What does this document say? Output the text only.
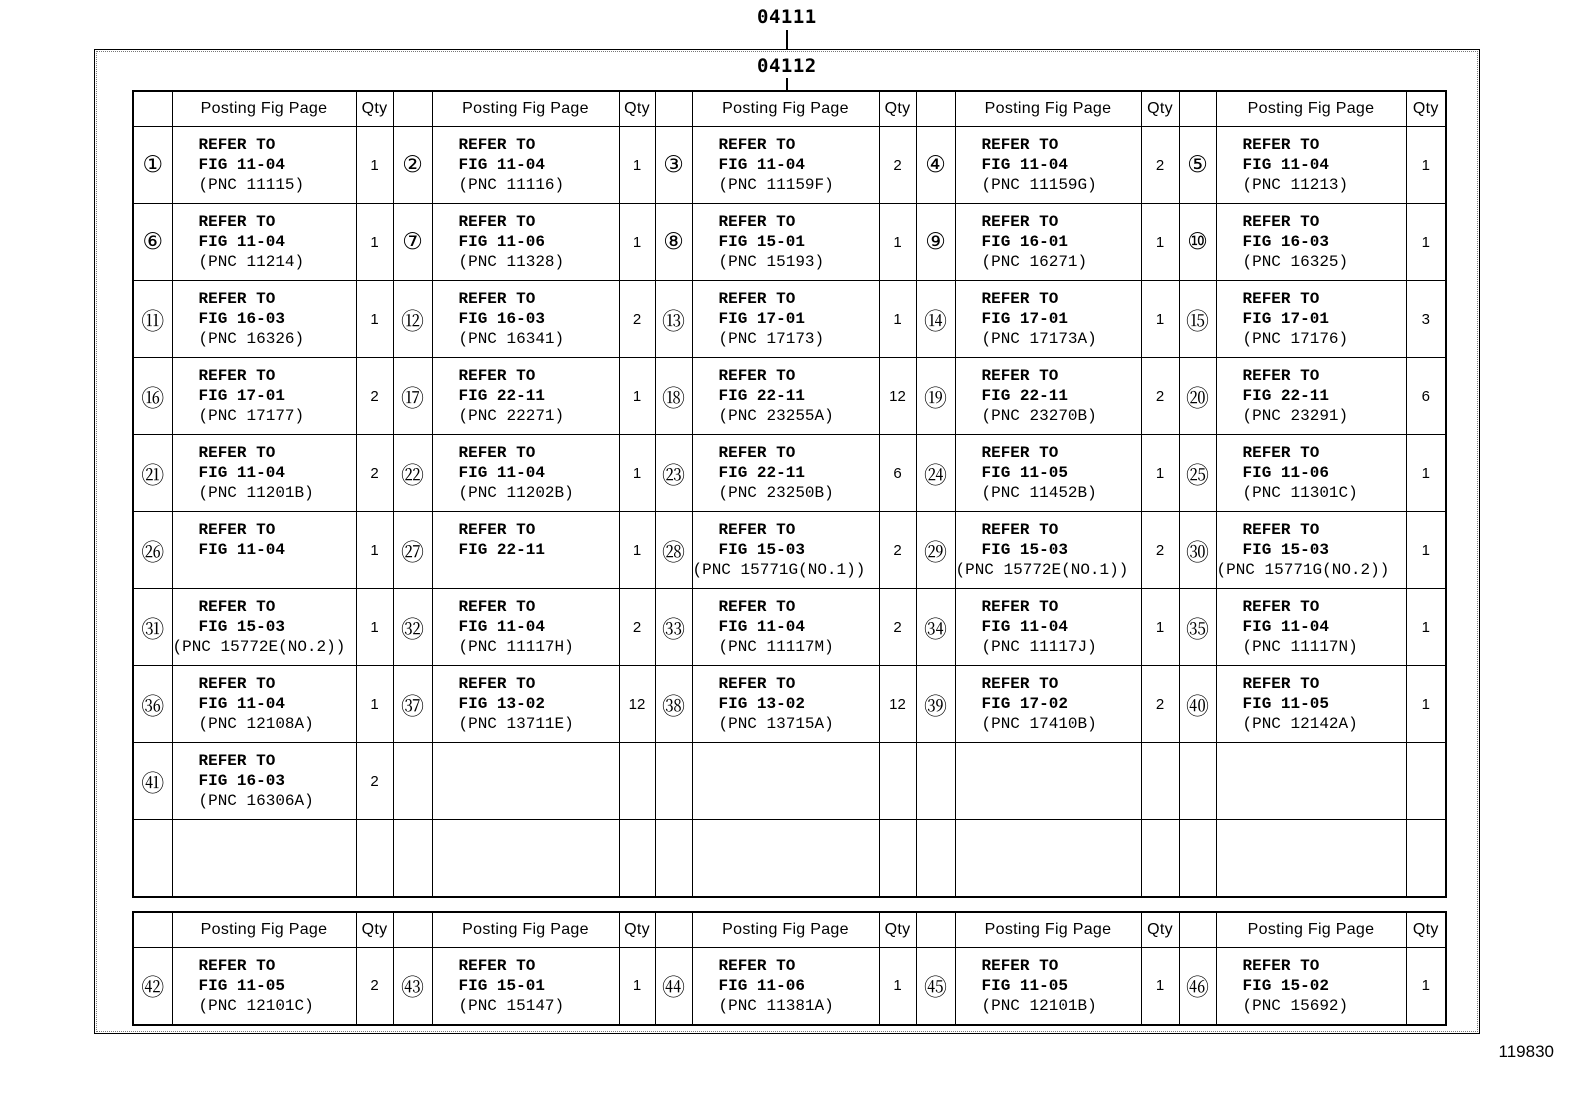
04111
04112
	Posting Fig Page	Qty		Posting Fig Page	Qty		Posting Fig Page	Qty		Posting Fig Page	Qty		Posting Fig Page	Qty
①	REFER TO
FIG 11-04
(PNC 11115)	1	②	REFER TO
FIG 11-04
(PNC 11116)	1	③	REFER TO
FIG 11-04
(PNC 11159F)	2	④	REFER TO
FIG 11-04
(PNC 11159G)	2	⑤	REFER TO
FIG 11-04
(PNC 11213)	1
⑥	REFER TO
FIG 11-04
(PNC 11214)	1	⑦	REFER TO
FIG 11-06
(PNC 11328)	1	⑧	REFER TO
FIG 15-01
(PNC 15193)	1	⑨	REFER TO
FIG 16-01
(PNC 16271)	1	⑩	REFER TO
FIG 16-03
(PNC 16325)	1
⑪	REFER TO
FIG 16-03
(PNC 16326)	1	⑫	REFER TO
FIG 16-03
(PNC 16341)	2	⑬	REFER TO
FIG 17-01
(PNC 17173)	1	⑭	REFER TO
FIG 17-01
(PNC 17173A)	1	⑮	REFER TO
FIG 17-01
(PNC 17176)	3
⑯	REFER TO
FIG 17-01
(PNC 17177)	2	⑰	REFER TO
FIG 22-11
(PNC 22271)	1	⑱	REFER TO
FIG 22-11
(PNC 23255A)	12	⑲	REFER TO
FIG 22-11
(PNC 23270B)	2	⑳	REFER TO
FIG 22-11
(PNC 23291)	6
㉑	REFER TO
FIG 11-04
(PNC 11201B)	2	㉒	REFER TO
FIG 11-04
(PNC 11202B)	1	㉓	REFER TO
FIG 22-11
(PNC 23250B)	6	㉔	REFER TO
FIG 11-05
(PNC 11452B)	1	㉕	REFER TO
FIG 11-06
(PNC 11301C)	1
㉖	REFER TO
FIG 11-04	1	㉗	REFER TO
FIG 22-11	1	㉘	REFER TO
FIG 15-03
(PNC 15771G(NO.1))	2	㉙	REFER TO
FIG 15-03
(PNC 15772E(NO.1))	2	㉚	REFER TO
FIG 15-03
(PNC 15771G(NO.2))	1
㉛	REFER TO
FIG 15-03
(PNC 15772E(NO.2))	1	㉜	REFER TO
FIG 11-04
(PNC 11117H)	2	㉝	REFER TO
FIG 11-04
(PNC 11117M)	2	㉞	REFER TO
FIG 11-04
(PNC 11117J)	1	㉟	REFER TO
FIG 11-04
(PNC 11117N)	1
㊱	REFER TO
FIG 11-04
(PNC 12108A)	1	㊲	REFER TO
FIG 13-02
(PNC 13711E)	12	㊳	REFER TO
FIG 13-02
(PNC 13715A)	12	㊴	REFER TO
FIG 17-02
(PNC 17410B)	2	㊵	REFER TO
FIG 11-05
(PNC 12142A)	1
㊶	REFER TO
FIG 16-03
(PNC 16306A)	2												

	Posting Fig Page	Qty		Posting Fig Page	Qty		Posting Fig Page	Qty		Posting Fig Page	Qty		Posting Fig Page	Qty
㊷	REFER TO
FIG 11-05
(PNC 12101C)	2	㊸	REFER TO
FIG 15-01
(PNC 15147)	1	㊹	REFER TO
FIG 11-06
(PNC 11381A)	1	㊺	REFER TO
FIG 11-05
(PNC 12101B)	1	㊻	REFER TO
FIG 15-02
(PNC 15692)	1
119830
